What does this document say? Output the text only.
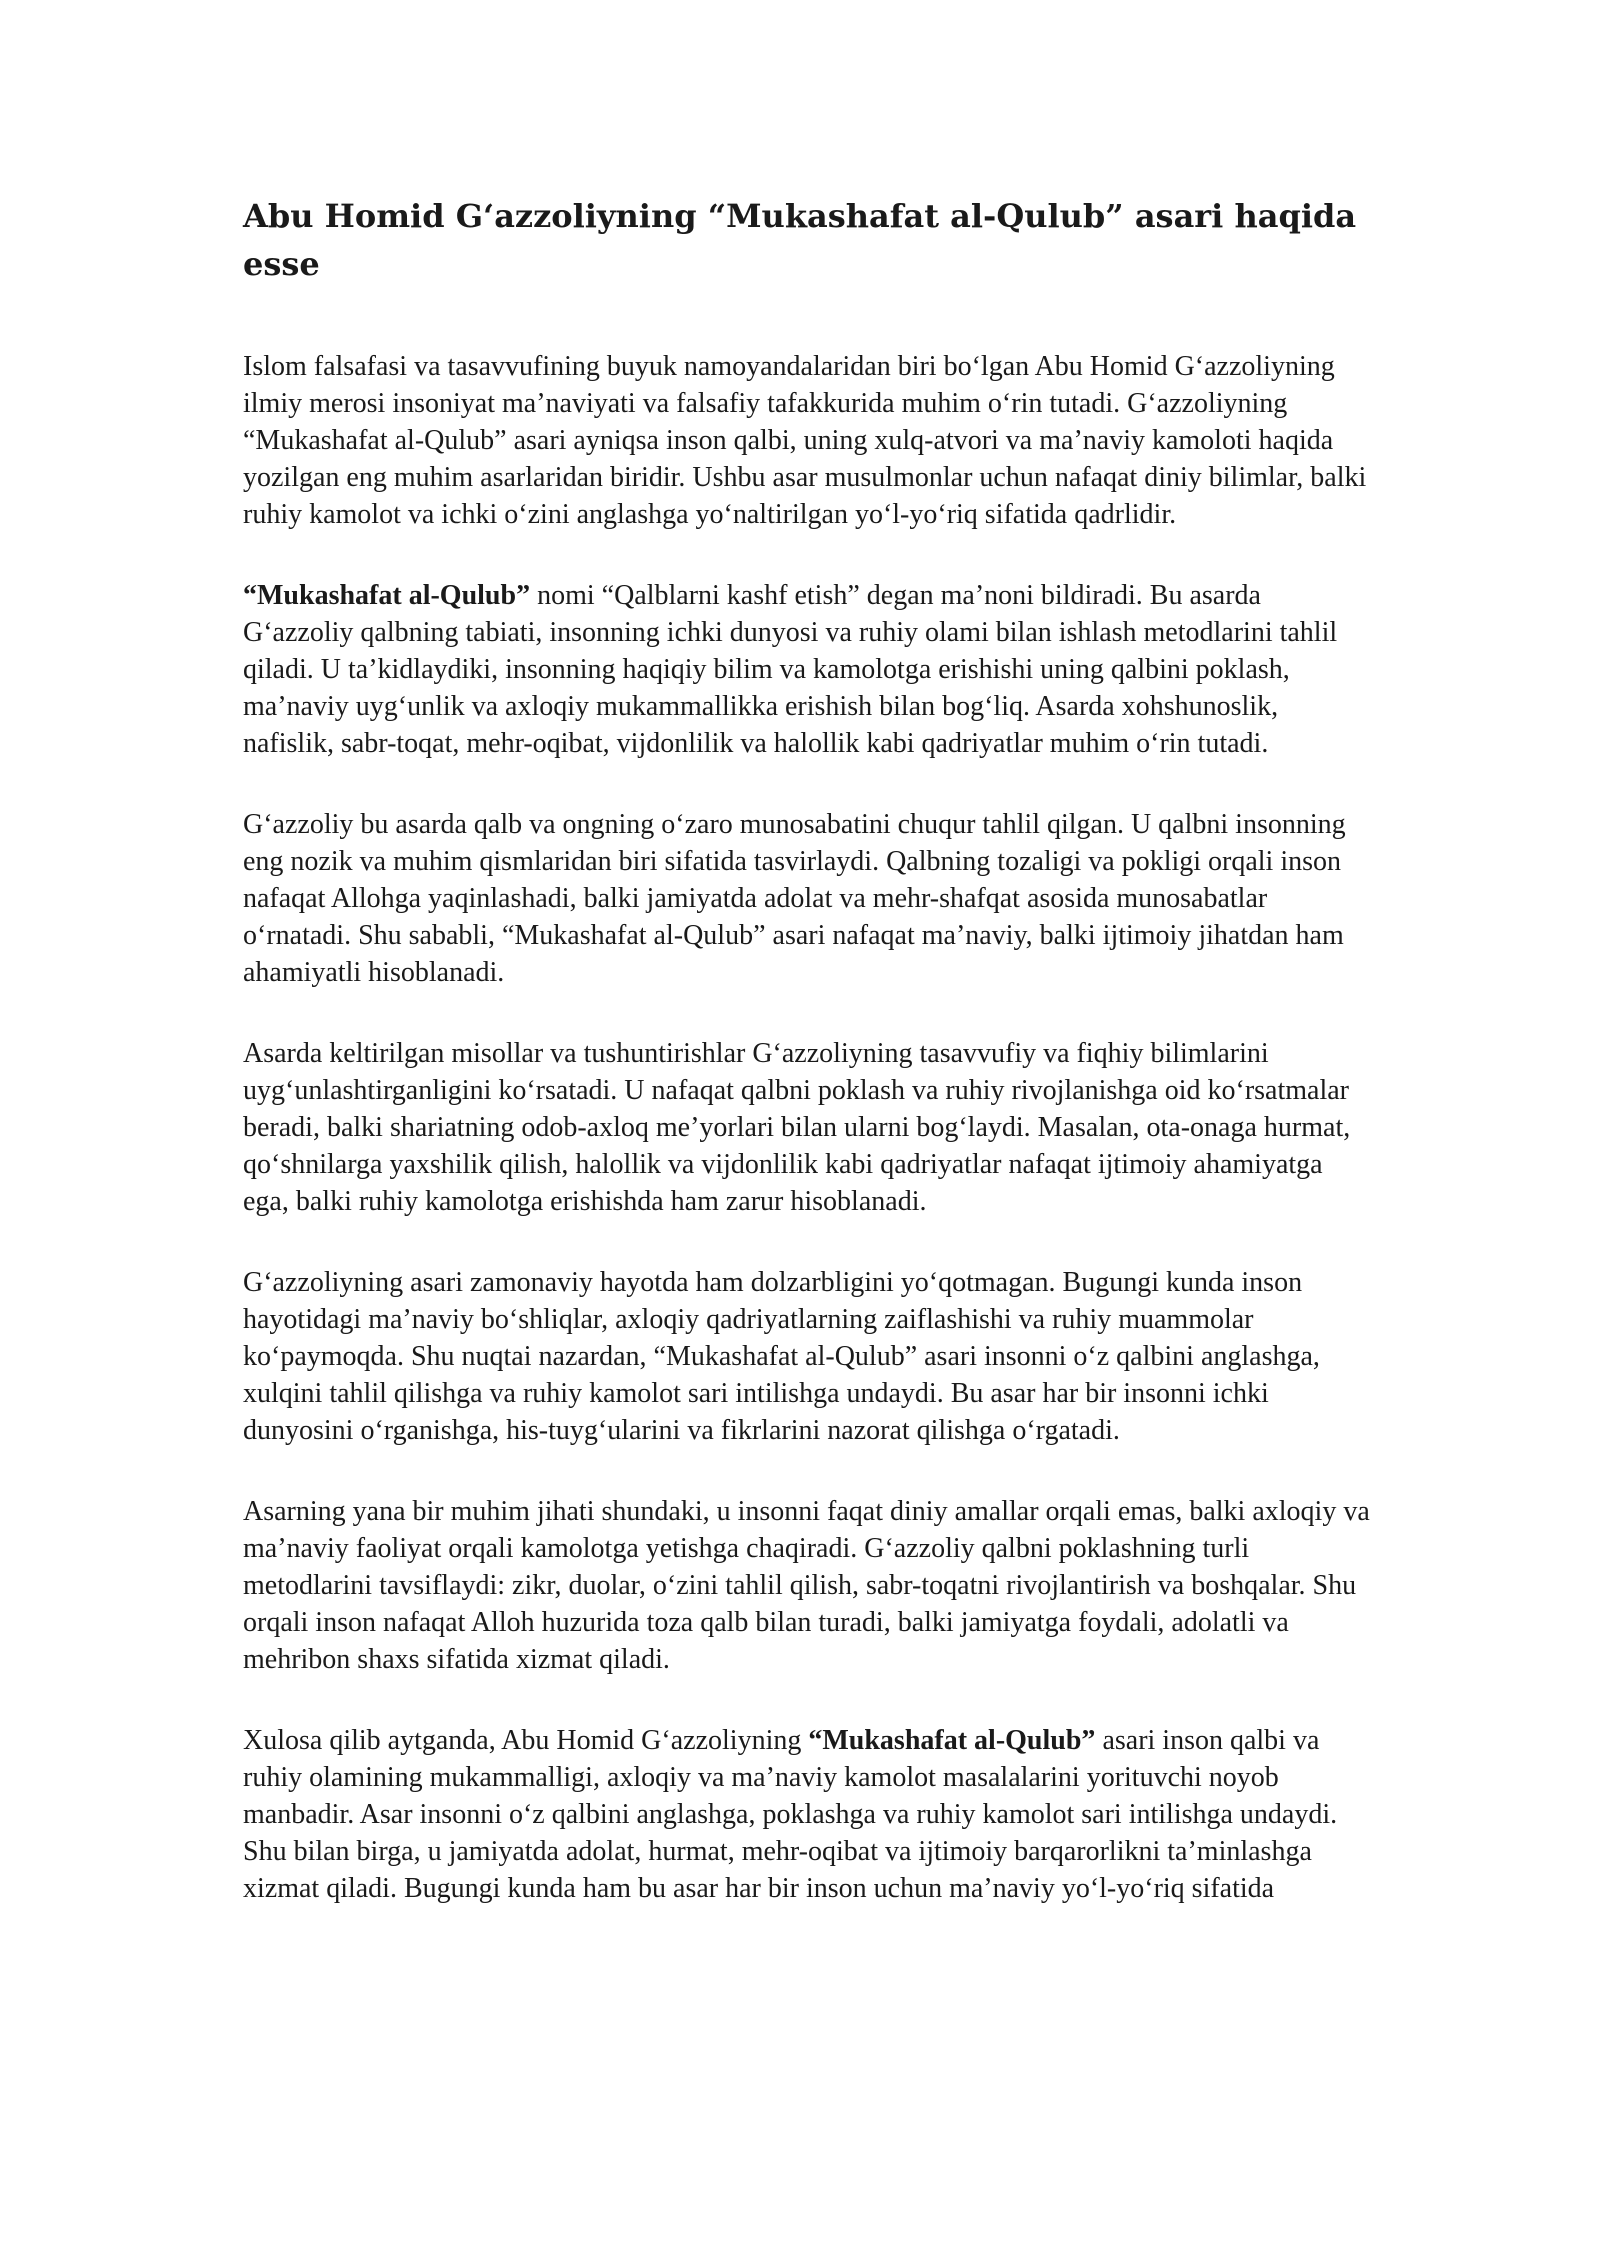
Abu Homid G‘azzoliyning “Mukashafat al-Qulub” asari haqida esse

Islom falsafasi va tasavvufining buyuk namoyandalaridan biri bo‘lgan Abu Homid G‘azzoliyning ilmiy merosi insoniyat ma’naviyati va falsafiy tafakkurida muhim o‘rin tutadi. G‘azzoliyning “Mukashafat al-Qulub” asari ayniqsa inson qalbi, uning xulq-atvori va ma’naviy kamoloti haqida yozilgan eng muhim asarlaridan biridir. Ushbu asar musulmonlar uchun nafaqat diniy bilimlar, balki ruhiy kamolot va ichki o‘zini anglashga yo‘naltirilgan yo‘l-yo‘riq sifatida qadrlidir.

“Mukashafat al-Qulub” nomi “Qalblarni kashf etish” degan ma’noni bildiradi. Bu asarda G‘azzoliy qalbning tabiati, insonning ichki dunyosi va ruhiy olami bilan ishlash metodlarini tahlil qiladi. U ta’kidlaydiki, insonning haqiqiy bilim va kamolotga erishishi uning qalbini poklash, ma’naviy uyg‘unlik va axloqiy mukammallikka erishish bilan bog‘liq. Asarda xohshunoslik, nafislik, sabr-toqat, mehr-oqibat, vijdonlilik va halollik kabi qadriyatlar muhim o‘rin tutadi.

G‘azzoliy bu asarda qalb va ongning o‘zaro munosabatini chuqur tahlil qilgan. U qalbni insonning eng nozik va muhim qismlaridan biri sifatida tasvirlaydi. Qalbning tozaligi va pokligi orqali inson nafaqat Allohga yaqinlashadi, balki jamiyatda adolat va mehr-shafqat asosida munosabatlar o‘rnatadi. Shu sababli, “Mukashafat al-Qulub” asari nafaqat ma’naviy, balki ijtimoiy jihatdan ham ahamiyatli hisoblanadi.

Asarda keltirilgan misollar va tushuntirishlar G‘azzoliyning tasavvufiy va fiqhiy bilimlarini uyg‘unlashtirganligini ko‘rsatadi. U nafaqat qalbni poklash va ruhiy rivojlanishga oid ko‘rsatmalar beradi, balki shariatning odob-axloq me’yorlari bilan ularni bog‘laydi. Masalan, ota-onaga hurmat, qo‘shnilarga yaxshilik qilish, halollik va vijdonlilik kabi qadriyatlar nafaqat ijtimoiy ahamiyatga ega, balki ruhiy kamolotga erishishda ham zarur hisoblanadi.

G‘azzoliyning asari zamonaviy hayotda ham dolzarbligini yo‘qotmagan. Bugungi kunda inson hayotidagi ma’naviy bo‘shliqlar, axloqiy qadriyatlarning zaiflashishi va ruhiy muammolar ko‘paymoqda. Shu nuqtai nazardan, “Mukashafat al-Qulub” asari insonni o‘z qalbini anglashga, xulqini tahlil qilishga va ruhiy kamolot sari intilishga undaydi. Bu asar har bir insonni ichki dunyosini o‘rganishga, his-tuyg‘ularini va fikrlarini nazorat qilishga o‘rgatadi.

Asarning yana bir muhim jihati shundaki, u insonni faqat diniy amallar orqali emas, balki axloqiy va ma’naviy faoliyat orqali kamolotga yetishga chaqiradi. G‘azzoliy qalbni poklashning turli metodlarini tavsiflaydi: zikr, duolar, o‘zini tahlil qilish, sabr-toqatni rivojlantirish va boshqalar. Shu orqali inson nafaqat Alloh huzurida toza qalb bilan turadi, balki jamiyatga foydali, adolatli va mehribon shaxs sifatida xizmat qiladi.

Xulosa qilib aytganda, Abu Homid G‘azzoliyning “Mukashafat al-Qulub” asari inson qalbi va ruhiy olamining mukammalligi, axloqiy va ma’naviy kamolot masalalarini yorituvchi noyob manbadir. Asar insonni o‘z qalbini anglashga, poklashga va ruhiy kamolot sari intilishga undaydi. Shu bilan birga, u jamiyatda adolat, hurmat, mehr-oqibat va ijtimoiy barqarorlikni ta’minlashga xizmat qiladi. Bugungi kunda ham bu asar har bir inson uchun ma’naviy yo‘l-yo‘riq sifatida
